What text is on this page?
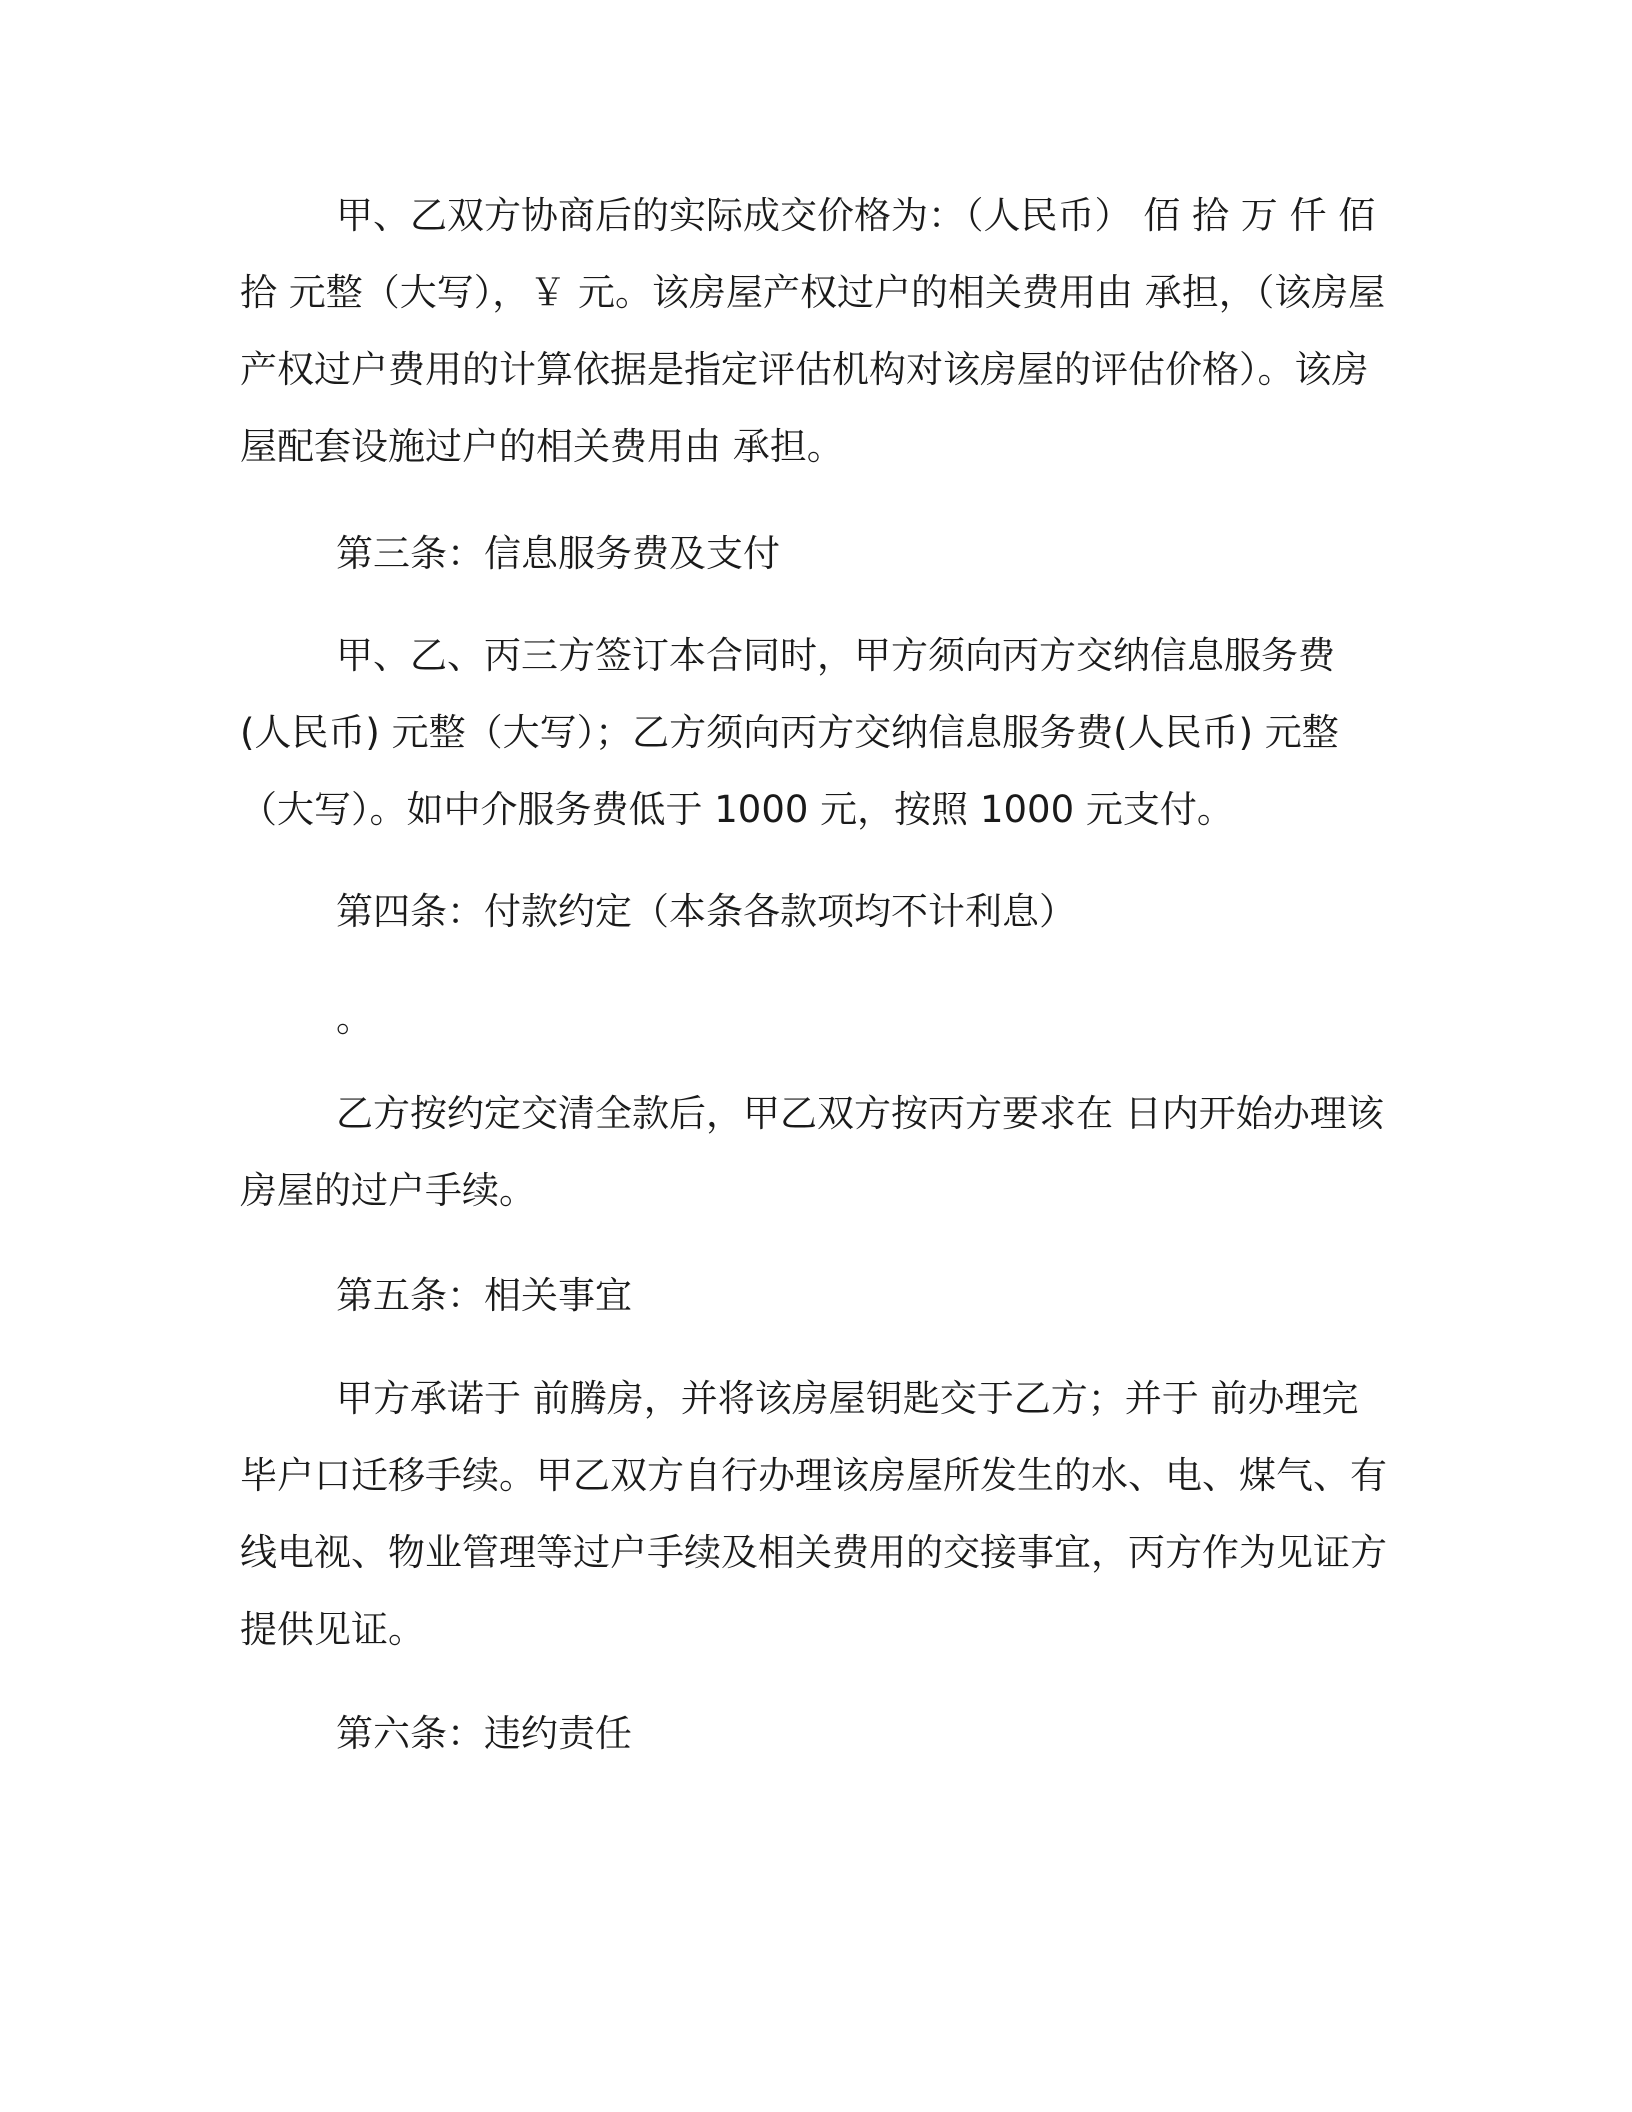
甲、乙双方协商后的实际成交价格为：（人民币） 佰 拾 万 仟 佰 拾 元整（大写），￥ 元。该房屋产权过户的相关费用由 承担，（该房屋产权过户费用的计算依据是指定评估机构对该房屋的评估价格）。该房屋配套设施过户的相关费用由 承担。

第三条：信息服务费及支付

甲、乙、丙三方签订本合同时，甲方须向丙方交纳信息服务费 (人民币) 元整（大写）；乙方须向丙方交纳信息服务费(人民币) 元整（大写）。如中介服务费低于 1000 元，按照 1000 元支付。

第四条：付款约定（本条各款项均不计利息）

。

乙方按约定交清全款后，甲乙双方按丙方要求在 日内开始办理该房屋的过户手续。

第五条：相关事宜

甲方承诺于 前腾房，并将该房屋钥匙交于乙方；并于 前办理完毕户口迁移手续。甲乙双方自行办理该房屋所发生的水、电、煤气、有线电视、物业管理等过户手续及相关费用的交接事宜，丙方作为见证方提供见证。

第六条：违约责任
